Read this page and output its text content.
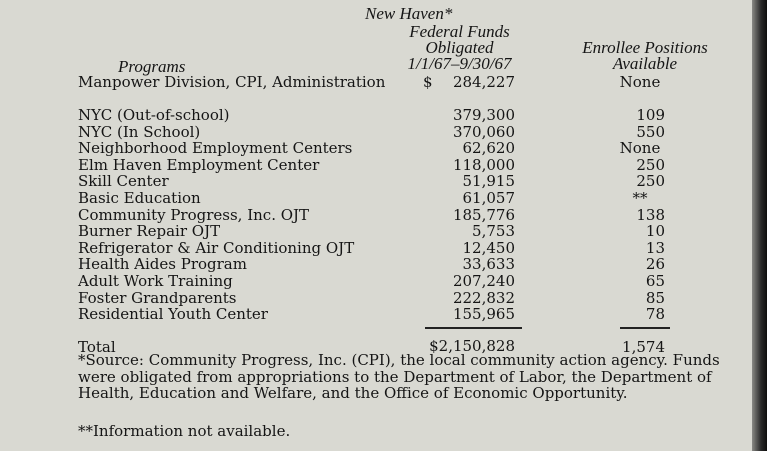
New Haven*
Federal Funds
Obligated
1/1/67–9/30/67
Programs
Enrollee Positions
Available
Manpower Division, CPI, Administration	$	284,227	None
NYC (Out-of-school)	379,300	109
NYC (In School)	370,060	550
Neighborhood Employment Centers	62,620	None
Elm Haven Employment Center	118,000	250
Skill Center	51,915	250
Basic Education	61,057	**
Community Progress, Inc. OJT	185,776	138
Burner Repair OJT	5,753	10
Refrigerator & Air Conditioning OJT	12,450	13
Health Aides Program	33,633	26
Adult Work Training	207,240	65
Foster Grandparents	222,832	85
Residential Youth Center	155,965	78
Total	$2,150,828	1,574
*Source: Community Progress, Inc. (CPI), the local community action agency. Funds were obligated from appropriations to the Department of Labor, the Department of Health, Education and Welfare, and the Office of Economic Opportunity.
**Information not available.
